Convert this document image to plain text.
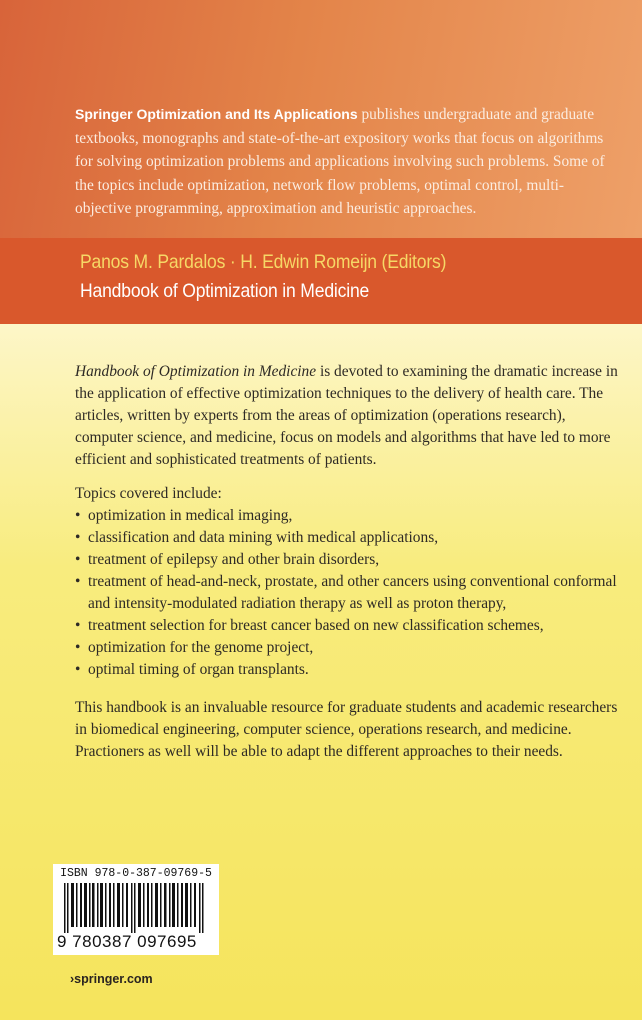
Springer Optimization and Its Applications publishes undergraduate and graduate textbooks, monographs and state-of-the-art expository works that focus on algorithms for solving optimization problems and applications involving such problems. Some of the topics include optimization, network flow problems, optimal control, multi-objective programming, approximation and heuristic approaches.
Panos M. Pardalos · H. Edwin Romeijn (Editors)
Handbook of Optimization in Medicine

Handbook of Optimization in Medicine is devoted to examining the dramatic increase in the application of effective optimization techniques to the delivery of health care. The articles, written by experts from the areas of optimization (operations research), computer science, and medicine, focus on models and algorithms that have led to more efficient and sophisticated treatments of patients.

Topics covered include:
• optimization in medical imaging,
• classification and data mining with medical applications,
• treatment of epilepsy and other brain disorders,
• treatment of head-and-neck, prostate, and other cancers using conventional conformal and intensity-modulated radiation therapy as well as proton therapy,
• treatment selection for breast cancer based on new classification schemes,
• optimization for the genome project,
• optimal timing of organ transplants.

This handbook is an invaluable resource for graduate students and academic researchers in biomedical engineering, computer science, operations research, and medicine. Practioners as well will be able to adapt the different approaches to their needs.

ISBN 978-0-387-09769-5
9 780387 097695
›springer.com
